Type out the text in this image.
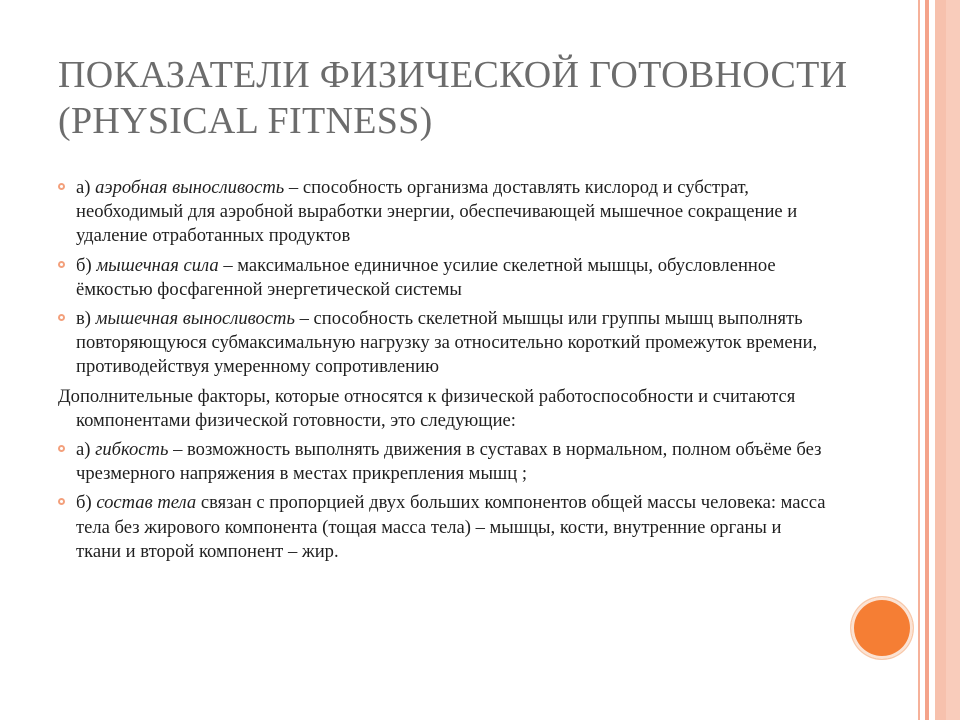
ПОКАЗАТЕЛИ ФИЗИЧЕСКОЙ ГОТОВНОСТИ (PHYSICAL FITNESS)

а) аэробная выносливость – способность организма доставлять кислород и субстрат, необходимый для аэробной выработки энергии, обеспечивающей мышечное сокращение и удаление отработанных продуктов

б) мышечная сила – максимальное единичное усилие скелетной мышцы, обусловленное ёмкостью фосфагенной энергетической системы

в) мышечная выносливость – способность скелетной мышцы или группы мышц выполнять повторяющуюся субмаксимальную нагрузку за относительно короткий промежуток времени, противодействуя умеренному сопротивлению

Дополнительные факторы, которые относятся к физической работоспособности и считаются компонентами физической готовности, это следующие:

а) гибкость – возможность выполнять движения в суставах в нормальном, полном объёме без чрезмерного напряжения в местах прикрепления мышц ;

б) состав тела связан с пропорцией двух больших компонентов общей массы человека: масса тела без жирового компонента (тощая масса тела) – мышцы, кости, внутренние органы и ткани и второй компонент – жир.
